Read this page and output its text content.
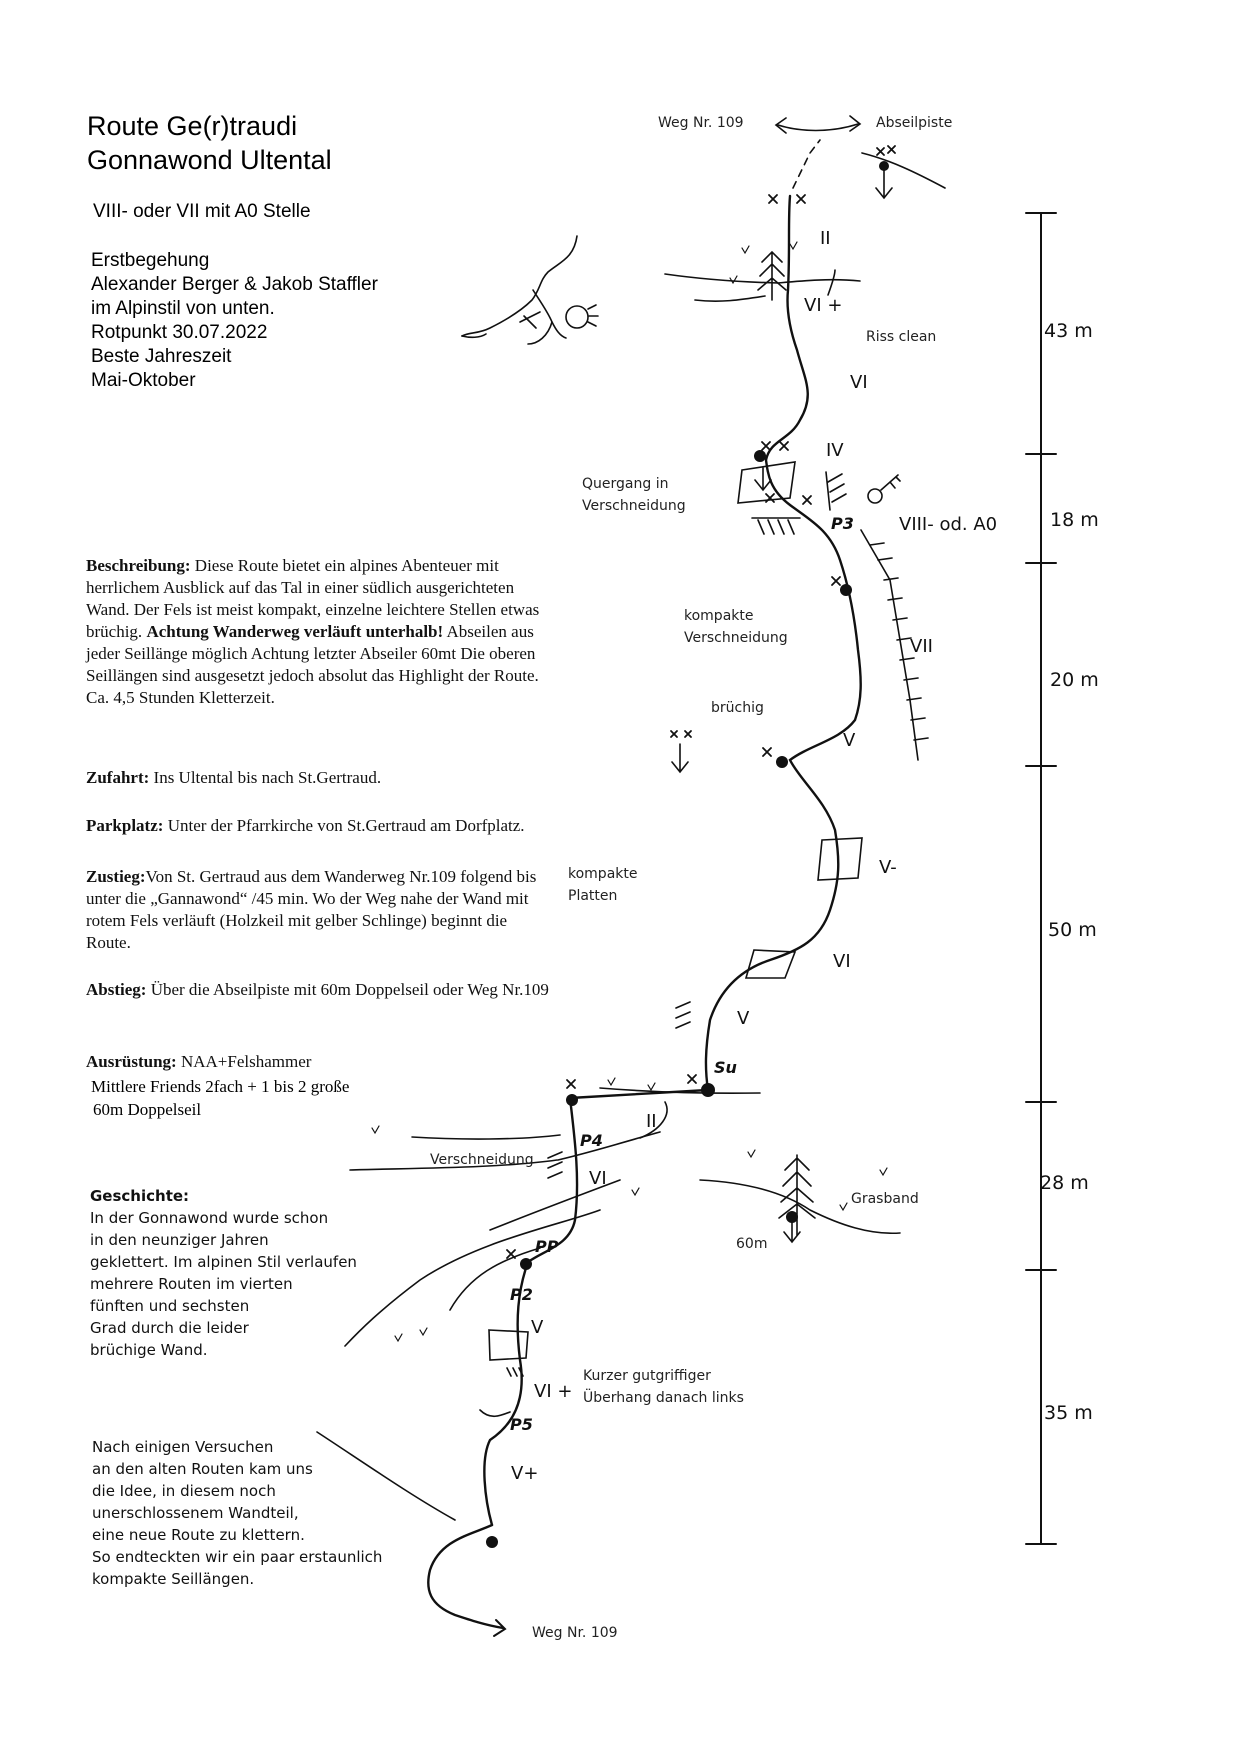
Route Ge(r)traudi
Gonnawond Ultental
VIII- oder VII mit A0 Stelle
Erstbegehung
Alexander Berger & Jakob Staffler
im Alpinstil von unten.
Rotpunkt 30.07.2022
Beste Jahreszeit
Mai-Oktober
Beschreibung: Diese Route bietet ein alpines Abenteuer mit herrlichem Ausblick auf das Tal in einer südlich ausgerichteten Wand. Der Fels ist meist kompakt, einzelne leichtere Stellen etwas brüchig. Achtung Wanderweg verläuft unterhalb! Abseilen aus jeder Seillänge möglich Achtung letzter Abseiler 60mt Die oberen Seillängen sind ausgesetzt jedoch absolut das Highlight der Route. Ca. 4,5 Stunden Kletterzeit.
Zufahrt: Ins Ultental bis nach St.Gertraud.
Parkplatz: Unter der Pfarrkirche von St.Gertraud am Dorfplatz.
Zustieg:Von St. Gertraud aus dem Wanderweg Nr.109 folgend bis unter die „Gannawond“ /45 min. Wo der Weg nahe der Wand mit rotem Fels verläuft (Holzkeil mit gelber Schlinge) beginnt die Route.
Abstieg: Über die Abseilpiste mit 60m Doppelseil oder Weg Nr.109
Ausrüstung: NAA+Felshammer
Mittlere Friends 2fach + 1 bis 2 große
60m Doppelseil
Geschichte:
In der Gonnawond wurde schon
in den neunziger Jahren
geklettert. Im alpinen Stil verlaufen
mehrere Routen im vierten
fünften und sechsten
Grad durch die leider
brüchige Wand.
Nach einigen Versuchen
an den alten Routen kam uns
die Idee, in diesem noch
unerschlossenem Wandteil,
eine neue Route zu klettern.
So endteckten wir ein paar erstaunlich
kompakte Seillängen.
Weg Nr. 109	Abseilpiste
Weg Nr. 109
Riss clean
Quergang in
Verschneidung
kompakte
Verschneidung
brüchig
kompakte
Platten
Verschneidung
Grasband
60m
Kurzer gutgriffiger
Überhang danach links
II
VI +
VI
IV
VIII- od. A0
VII
V
V-
VI
V
II
VI
V
VI +
V+
P3
Su
P4
PP
P2
P5
43 m
18 m
20 m
50 m
28 m
35 m
